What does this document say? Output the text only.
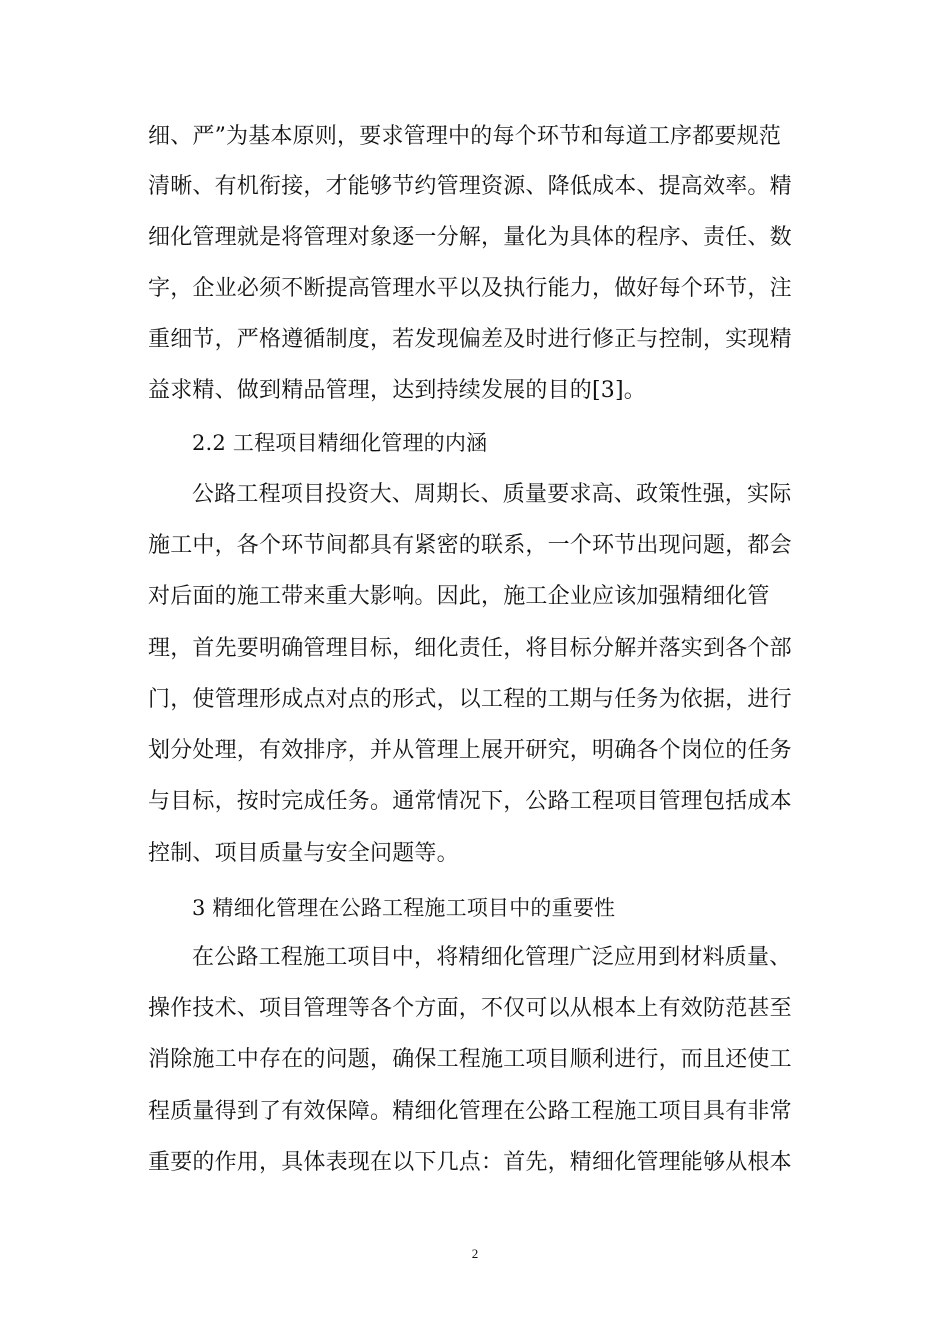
细、严”为基本原则，要求管理中的每个环节和每道工序都要规范
清晰、有机衔接，才能够节约管理资源、降低成本、提高效率。精
细化管理就是将管理对象逐一分解，量化为具体的程序、责任、数
字，企业必须不断提高管理水平以及执行能力，做好每个环节，注
重细节，严格遵循制度，若发现偏差及时进行修正与控制，实现精
益求精、做到精品管理，达到持续发展的目的[3]。
2.2 工程项目精细化管理的内涵
公路工程项目投资大、周期长、质量要求高、政策性强，实际
施工中，各个环节间都具有紧密的联系，一个环节出现问题，都会
对后面的施工带来重大影响。因此，施工企业应该加强精细化管
理，首先要明确管理目标，细化责任，将目标分解并落实到各个部
门，使管理形成点对点的形式，以工程的工期与任务为依据，进行
划分处理，有效排序，并从管理上展开研究，明确各个岗位的任务
与目标，按时完成任务。通常情况下，公路工程项目管理包括成本
控制、项目质量与安全问题等。
3 精细化管理在公路工程施工项目中的重要性
在公路工程施工项目中，将精细化管理广泛应用到材料质量、
操作技术、项目管理等各个方面，不仅可以从根本上有效防范甚至
消除施工中存在的问题，确保工程施工项目顺利进行，而且还使工
程质量得到了有效保障。精细化管理在公路工程施工项目具有非常
重要的作用，具体表现在以下几点：首先，精细化管理能够从根本
2
